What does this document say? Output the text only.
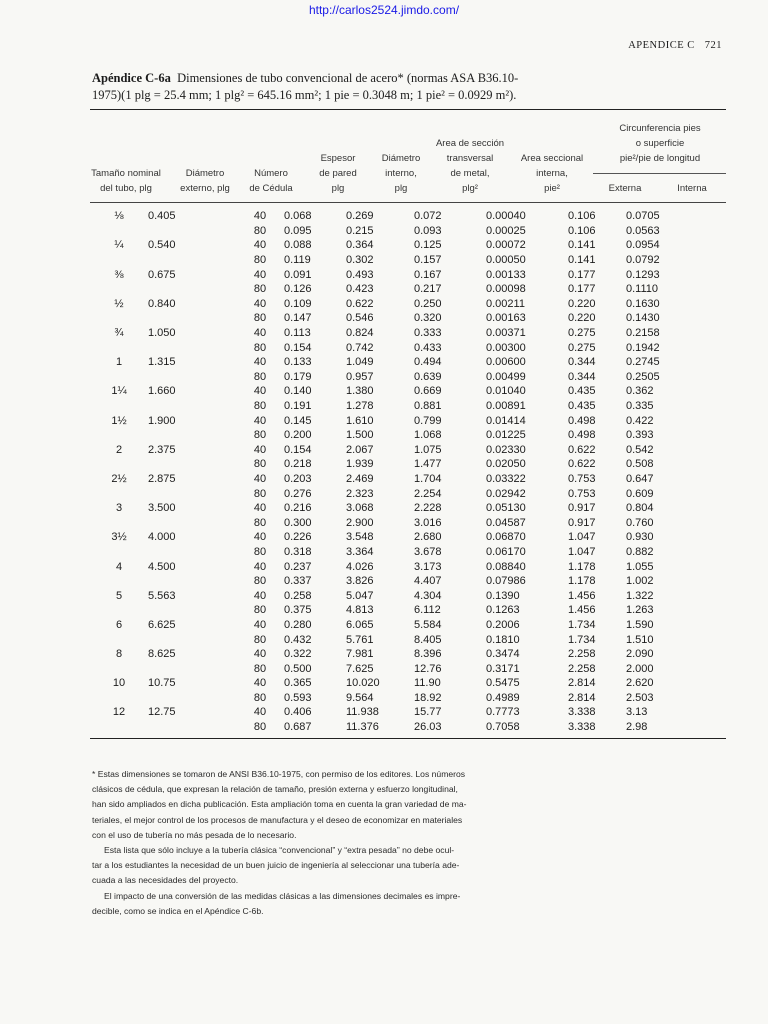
http://carlos2524.jimdo.com/
APENDICE C 721
Apéndice C-6a Dimensiones de tubo convencional de acero* (normas ASA B36.10-
1975)(1 plg = 25.4 mm; 1 plg² = 645.16 mm²; 1 pie = 0.3048 m; 1 pie² = 0.0929 m²).
Tamaño nominal
del tubo, plg
Diámetro
externo, plg
Número
de Cédula
Espesor
de pared
plg
Diámetro
interno,
plg
Area de sección
transversal
de metal,
plg²
Area seccional
interna,
pie²
Circunferencia pies
o superficie
pie²/pie de longitud
Externa	Interna
⅛	0.405	40	0.068	0.269	0.072	0.00040	0.106	0.0705
		80	0.095	0.215	0.093	0.00025	0.106	0.0563
¼	0.540	40	0.088	0.364	0.125	0.00072	0.141	0.0954
		80	0.119	0.302	0.157	0.00050	0.141	0.0792
⅜	0.675	40	0.091	0.493	0.167	0.00133	0.177	0.1293
		80	0.126	0.423	0.217	0.00098	0.177	0.1110
½	0.840	40	0.109	0.622	0.250	0.00211	0.220	0.1630
		80	0.147	0.546	0.320	0.00163	0.220	0.1430
¾	1.050	40	0.113	0.824	0.333	0.00371	0.275	0.2158
		80	0.154	0.742	0.433	0.00300	0.275	0.1942
1	1.315	40	0.133	1.049	0.494	0.00600	0.344	0.2745
		80	0.179	0.957	0.639	0.00499	0.344	0.2505
1¼	1.660	40	0.140	1.380	0.669	0.01040	0.435	0.362
		80	0.191	1.278	0.881	0.00891	0.435	0.335
1½	1.900	40	0.145	1.610	0.799	0.01414	0.498	0.422
		80	0.200	1.500	1.068	0.01225	0.498	0.393
2	2.375	40	0.154	2.067	1.075	0.02330	0.622	0.542
		80	0.218	1.939	1.477	0.02050	0.622	0.508
2½	2.875	40	0.203	2.469	1.704	0.03322	0.753	0.647
		80	0.276	2.323	2.254	0.02942	0.753	0.609
3	3.500	40	0.216	3.068	2.228	0.05130	0.917	0.804
		80	0.300	2.900	3.016	0.04587	0.917	0.760
3½	4.000	40	0.226	3.548	2.680	0.06870	1.047	0.930
		80	0.318	3.364	3.678	0.06170	1.047	0.882
4	4.500	40	0.237	4.026	3.173	0.08840	1.178	1.055
		80	0.337	3.826	4.407	0.07986	1.178	1.002
5	5.563	40	0.258	5.047	4.304	0.1390	1.456	1.322
		80	0.375	4.813	6.112	0.1263	1.456	1.263
6	6.625	40	0.280	6.065	5.584	0.2006	1.734	1.590
		80	0.432	5.761	8.405	0.1810	1.734	1.510
8	8.625	40	0.322	7.981	8.396	0.3474	2.258	2.090
		80	0.500	7.625	12.76	0.3171	2.258	2.000
10	10.75	40	0.365	10.020	11.90	0.5475	2.814	2.620
		80	0.593	9.564	18.92	0.4989	2.814	2.503
12	12.75	40	0.406	11.938	15.77	0.7773	3.338	3.13
		80	0.687	11.376	26.03	0.7058	3.338	2.98

* Estas dimensiones se tomaron de ANSI B36.10-1975, con permiso de los editores. Los números
clásicos de cédula, que expresan la relación de tamaño, presión externa y esfuerzo longitudinal,
han sido ampliados en dicha publicación. Esta ampliación toma en cuenta la gran variedad de ma-
teriales, el mejor control de los procesos de manufactura y el deseo de economizar en materiales
con el uso de tubería no más pesada de lo necesario.

Esta lista que sólo incluye a la tubería clásica “convencional” y “extra pesada” no debe ocul-
tar a los estudiantes la necesidad de un buen juicio de ingeniería al seleccionar una tubería ade-
cuada a las necesidades del proyecto.

El impacto de una conversión de las medidas clásicas a las dimensiones decimales es impre-
decible, como se indica en el Apéndice C-6b.
